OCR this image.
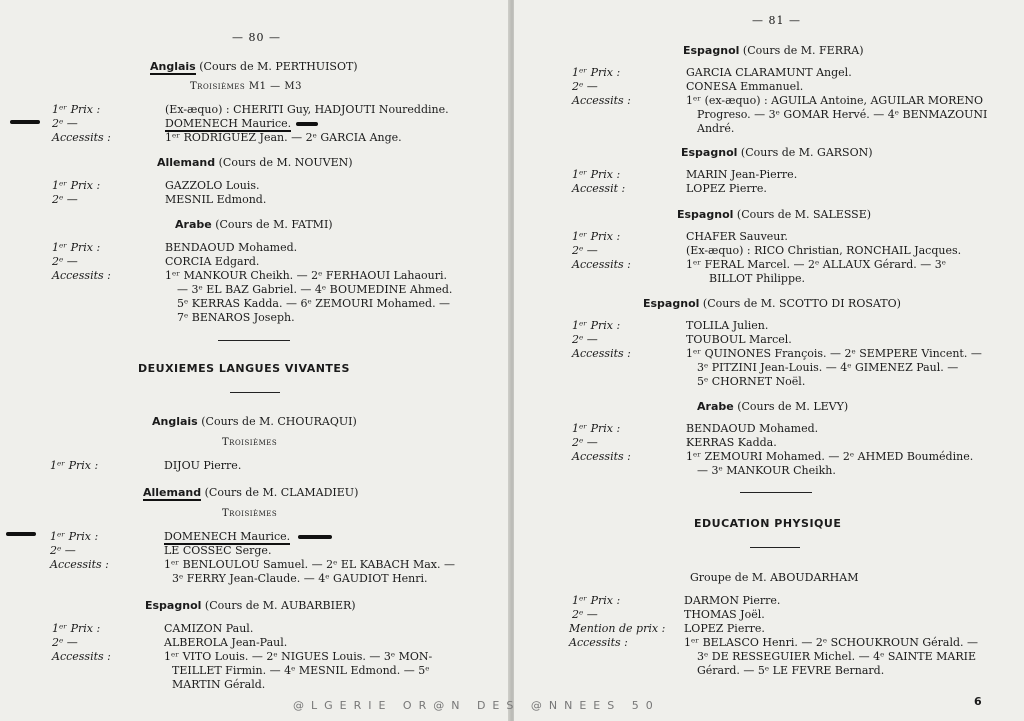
— 80 —
Anglais (Cours de M. PERTHUISOT)
Troisièmes M1 — M3
1ᵉʳ Prix :	(Ex-æquo) : CHERITI Guy, HADJOUTI Noureddine.
2ᵉ —	DOMENECH Maurice.
Accessits :	1ᵉʳ RODRIGUEZ Jean. — 2ᵉ GARCIA Ange.
Allemand (Cours de M. NOUVEN)
1ᵉʳ Prix :	GAZZOLO Louis.
2ᵉ —	MESNIL Edmond.
Arabe (Cours de M. FATMI)
1ᵉʳ Prix :	BENDAOUD Mohamed.
2ᵉ —	CORCIA Edgard.
Accessits :	1ᵉʳ MANKOUR Cheikh. — 2ᵉ FERHAOUI Lahaouri.
— 3ᵉ EL BAZ Gabriel. — 4ᵉ BOUMEDINE Ahmed.
5ᵉ KERRAS Kadda. — 6ᵉ ZEMOURI Mohamed. —
7ᵉ BENAROS Joseph.
DEUXIEMES LANGUES VIVANTES
Anglais (Cours de M. CHOURAQUI)
Troisièmes
1ᵉʳ Prix :	DIJOU Pierre.
Allemand (Cours de M. CLAMADIEU)
Troisièmes
1ᵉʳ Prix :	DOMENECH Maurice.
2ᵉ —	LE COSSEC Serge.
Accessits :	1ᵉʳ BENLOULOU Samuel. — 2ᵉ EL KABACH Max. —
3ᵉ FERRY Jean-Claude. — 4ᵉ GAUDIOT Henri.
Espagnol (Cours de M. AUBARBIER)
1ᵉʳ Prix :	CAMIZON Paul.
2ᵉ —	ALBEROLA Jean-Paul.
Accessits :	1ᵉʳ VITO Louis. — 2ᵉ NIGUES Louis. — 3ᵉ MON-
TEILLET Firmin. — 4ᵉ MESNIL Edmond. — 5ᵉ
MARTIN Gérald.
— 81 —
Espagnol (Cours de M. FERRA)
1ᵉʳ Prix :	GARCIA CLARAMUNT Angel.
2ᵉ —	CONESA Emmanuel.
Accessits :	1ᵉʳ (ex-æquo) : AGUILA Antoine, AGUILAR MORENO
Progreso. — 3ᵉ GOMAR Hervé. — 4ᵉ BENMAZOUNI
André.
Espagnol (Cours de M. GARSON)
1ᵉʳ Prix :	MARIN Jean-Pierre.
Accessit :	LOPEZ Pierre.
Espagnol (Cours de M. SALESSE)
1ᵉʳ Prix :	CHAFER Sauveur.
2ᵉ —	(Ex-æquo) : RICO Christian, RONCHAIL Jacques.
Accessits :	1ᵉʳ FERAL Marcel. — 2ᵉ ALLAUX Gérard. — 3ᵉ
BILLOT Philippe.
Espagnol (Cours de M. SCOTTO DI ROSATO)
1ᵉʳ Prix :	TOLILA Julien.
2ᵉ —	TOUBOUL Marcel.
Accessits :	1ᵉʳ QUINONES François. — 2ᵉ SEMPERE Vincent. —
3ᵉ PITZINI Jean-Louis. — 4ᵉ GIMENEZ Paul. —
5ᵉ CHORNET Noël.
Arabe (Cours de M. LEVY)
1ᵉʳ Prix :	BENDAOUD Mohamed.
2ᵉ —	KERRAS Kadda.
Accessits :	1ᵉʳ ZEMOURI Mohamed. — 2ᵉ AHMED Boumédine.
— 3ᵉ MANKOUR Cheikh.
EDUCATION PHYSIQUE
Groupe de M. ABOUDARHAM
1ᵉʳ Prix :	DARMON Pierre.
2ᵉ —	THOMAS Joël.
Mention de prix : LOPEZ Pierre.
Accessits :	1ᵉʳ BELASCO Henri. — 2ᵉ SCHOUKROUN Gérald. —
3ᵉ DE RESSEGUIER Michel. — 4ᵉ SAINTE MARIE
Gérard. — 5ᵉ LE FEVRE Bernard.
6
@LGERIE OR@N DES @NNEES 50
